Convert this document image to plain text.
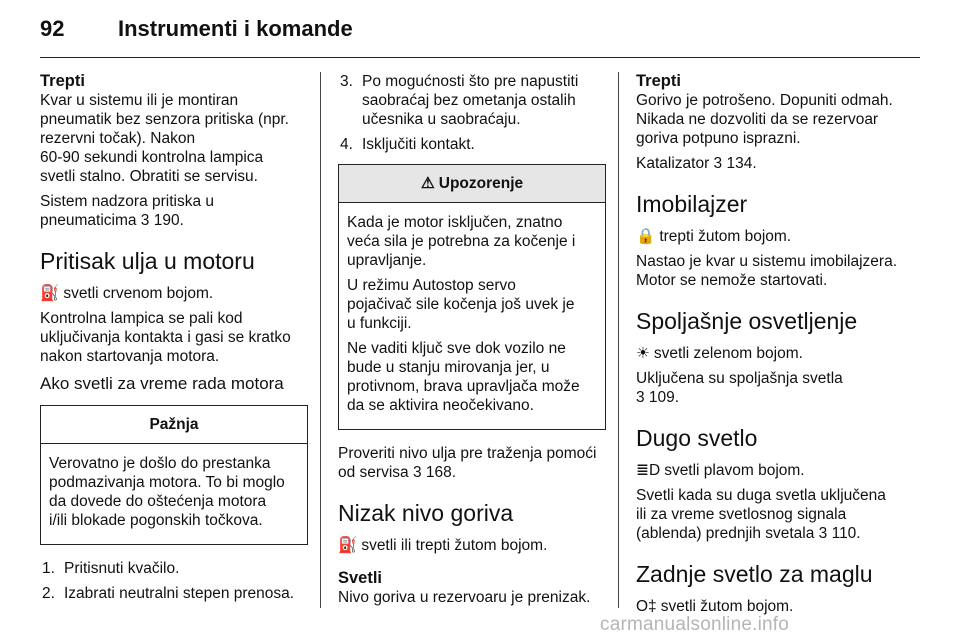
92 Instrumenti i komande

Trepti

Kvar u sistemu ili je montiran
pneumatik bez senzora pritiska (npr.
rezervni točak). Nakon
60-90 sekundi kontrolna lampica
svetli stalno. Obratiti se servisu.

Sistem nadzora pritiska u
pneumaticima 3 190.

Pritisak ulja u motoru

⛽ svetli crvenom bojom.

Kontrolna lampica se pali kod
uključivanja kontakta i gasi se kratko
nakon startovanja motora.

Ako svetli za vreme rada motora
Pažnja

Verovatno je došlo do prestanka
podmazivanja motora. To bi moglo
da dovede do oštećenja motora
i/ili blokade pogonskih točkova.

1. Pritisnuti kvačilo.
2. Izabrati neutralni stepen prenosa.
3. Po mogućnosti što pre napustiti
saobraćaj bez ometanja ostalih
učesnika u saobraćaju.
4. Isključiti kontakt.
⚠ Upozorenje

Kada je motor isključen, znatno
veća sila je potrebna za kočenje i
upravljanje.

U režimu Autostop servo
pojačivač sile kočenja još uvek je
u funkciji.

Ne vaditi ključ sve dok vozilo ne
bude u stanju mirovanja jer, u
protivnom, brava upravljača može
da se aktivira neočekivano.

Proveriti nivo ulja pre traženja pomoći
od servisa 3 168.

Nizak nivo goriva

⛽ svetli ili trepti žutom bojom.

Svetli

Nivo goriva u rezervoaru je prenizak.

Trepti

Gorivo je potrošeno. Dopuniti odmah.
Nikada ne dozvoliti da se rezervoar
goriva potpuno isprazni.

Katalizator 3 134.

Imobilajzer

🔒 trepti žutom bojom.

Nastao je kvar u sistemu imobilajzera.
Motor se nemože startovati.

Spoljašnje osvetljenje

☀ svetli zelenom bojom.

Uključena su spoljašnja svetla
3 109.

Dugo svetlo

≣D svetli plavom bojom.

Svetli kada su duga svetla uključena
ili za vreme svetlosnog signala
(ablenda) prednjih svetala 3 110.

Zadnje svetlo za maglu

O‡ svetli žutom bojom.

carmanualsonline.info
